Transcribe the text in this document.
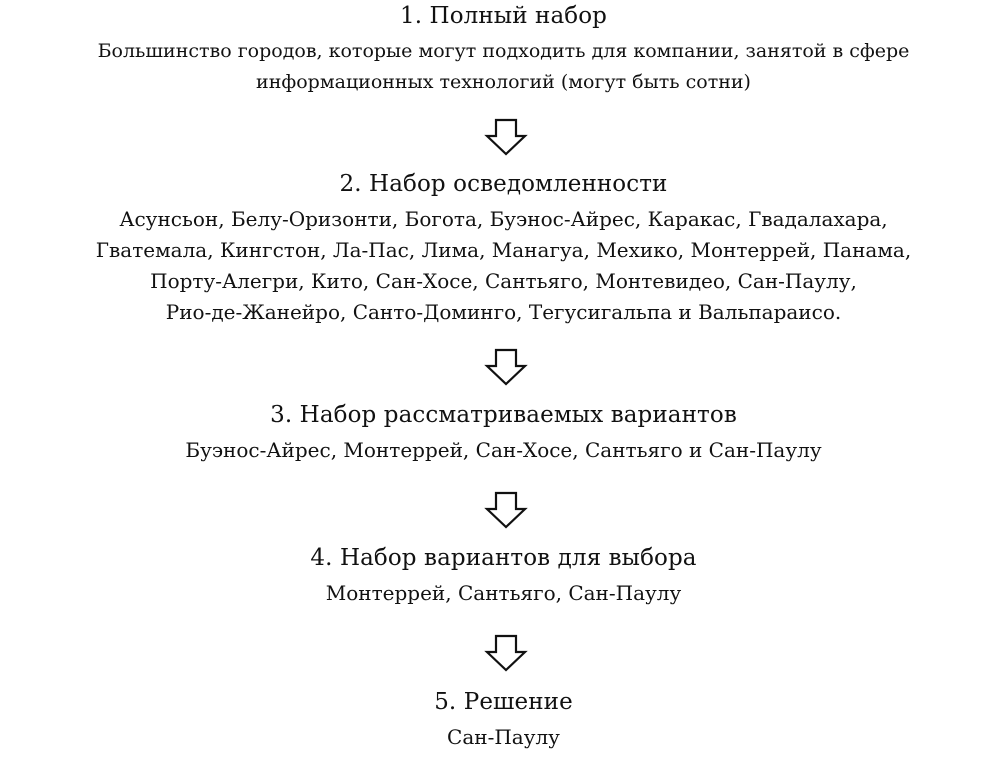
1. Полный набор
Большинство городов, которые могут подходить для компании, занятой в сфере
информационных технологий (могут быть сотни)
2. Набор осведомленности
Асунсьон, Белу-Оризонти, Богота, Буэнос-Айрес, Каракас, Гвадалахара,
Гватемала, Кингстон, Ла-Пас, Лима, Манагуа, Мехико, Монтеррей, Панама,
Порту-Алегри, Кито, Сан-Хосе, Сантьяго, Монтевидео, Сан-Паулу,
Рио-де-Жанейро, Санто-Доминго, Тегусигальпа и Вальпараисо.
3. Набор рассматриваемых вариантов
Буэнос-Айрес, Монтеррей, Сан-Хосе, Сантьяго и Сан-Паулу
4. Набор вариантов для выбора
Монтеррей, Сантьяго, Сан-Паулу
5. Решение
Сан-Паулу
